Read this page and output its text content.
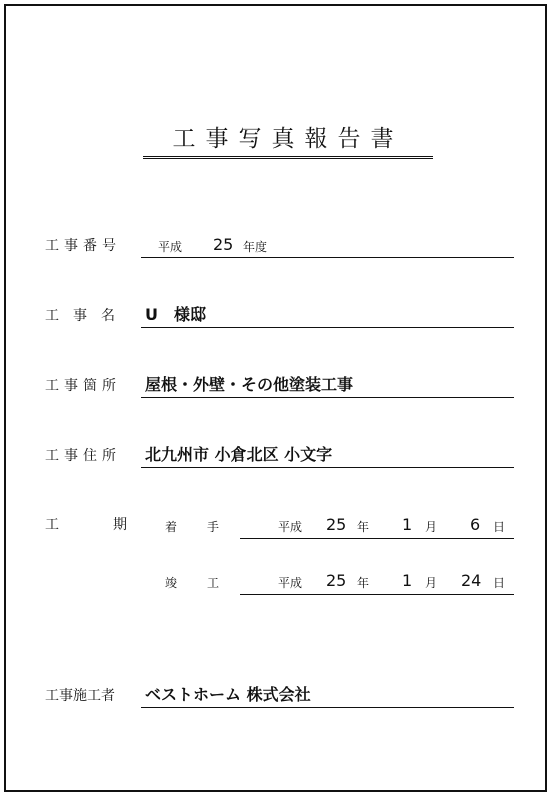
工事写真報告書
工事番号	平成 25 年度
工事名 U　様邸
工事箇所 屋根・外壁・その他塗装工事
工事住所 北九州市 小倉北区 小文字
工期
着手 平成 25 年 1 月 6 日
竣工 平成 25 年 1 月 24 日
工事施工者 ベストホーム 株式会社
